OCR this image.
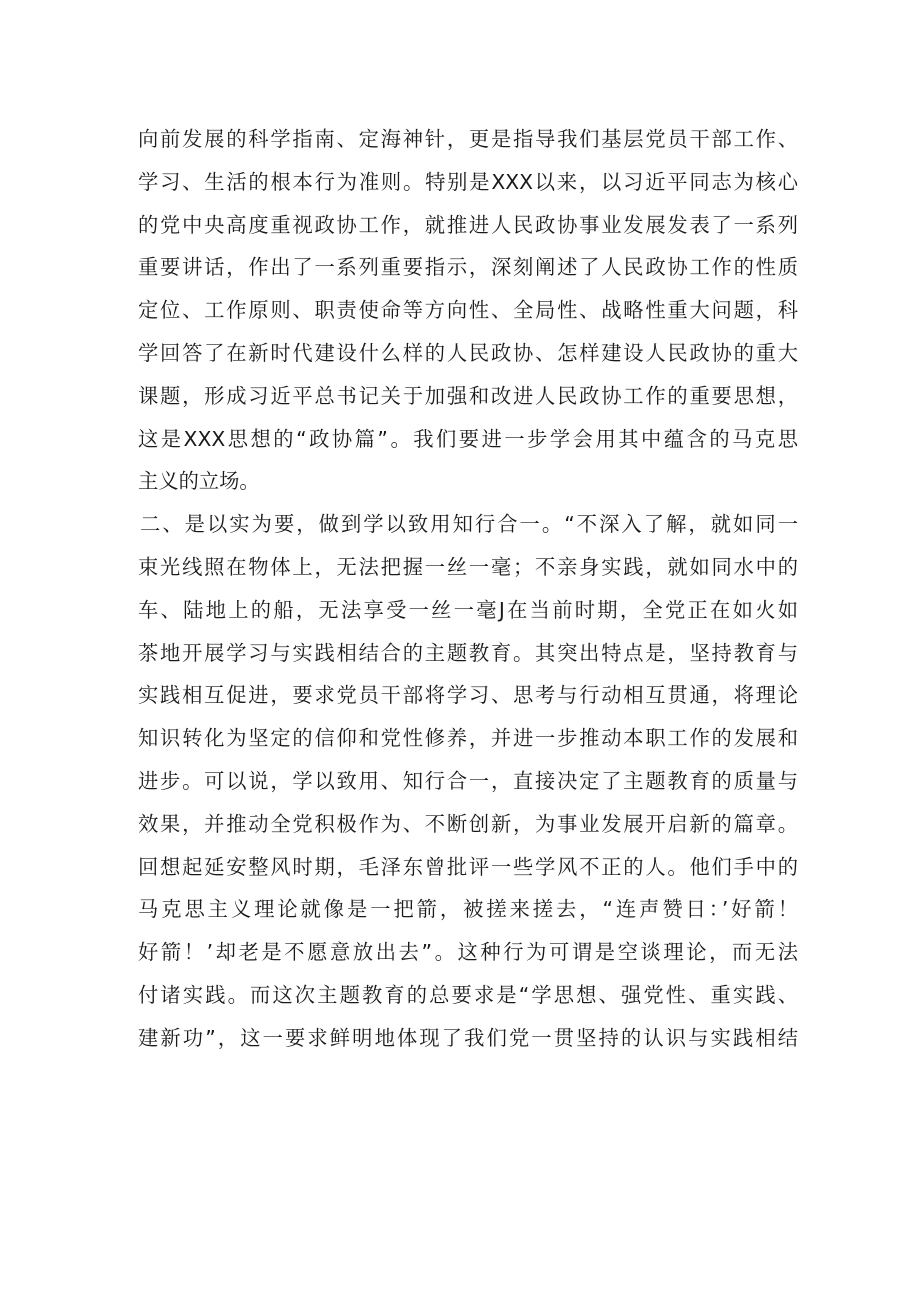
向前发展的科学指南、定海神针，更是指导我们基层党员干部工作、
学习、生活的根本行为准则。特别是XXX以来，以习近平同志为核心
的党中央高度重视政协工作，就推进人民政协事业发展发表了一系列
重要讲话，作出了一系列重要指示，深刻阐述了人民政协工作的性质
定位、工作原则、职责使命等方向性、全局性、战略性重大问题，科
学回答了在新时代建设什么样的人民政协、怎样建设人民政协的重大
课题，形成习近平总书记关于加强和改进人民政协工作的重要思想，
这是XXX思想的“政协篇”。我们要进一步学会用其中蕴含的马克思
主义的立场。
二、是以实为要，做到学以致用知行合一。“不深入了解，就如同一
束光线照在物体上，无法把握一丝一毫；不亲身实践，就如同水中的
车、陆地上的船，无法享受一丝一毫J在当前时期，全党正在如火如
茶地开展学习与实践相结合的主题教育。其突出特点是，坚持教育与
实践相互促进，要求党员干部将学习、思考与行动相互贯通，将理论
知识转化为坚定的信仰和党性修养，并进一步推动本职工作的发展和
进步。可以说，学以致用、知行合一，直接决定了主题教育的质量与
效果，并推动全党积极作为、不断创新，为事业发展开启新的篇章。
回想起延安整风时期，毛泽东曾批评一些学风不正的人。他们手中的
马克思主义理论就像是一把箭，被搓来搓去，“连声赞日：’好箭！
好箭！’却老是不愿意放出去”。这种行为可谓是空谈理论，而无法
付诸实践。而这次主题教育的总要求是“学思想、强党性、重实践、
建新功”，这一要求鲜明地体现了我们党一贯坚持的认识与实践相结
